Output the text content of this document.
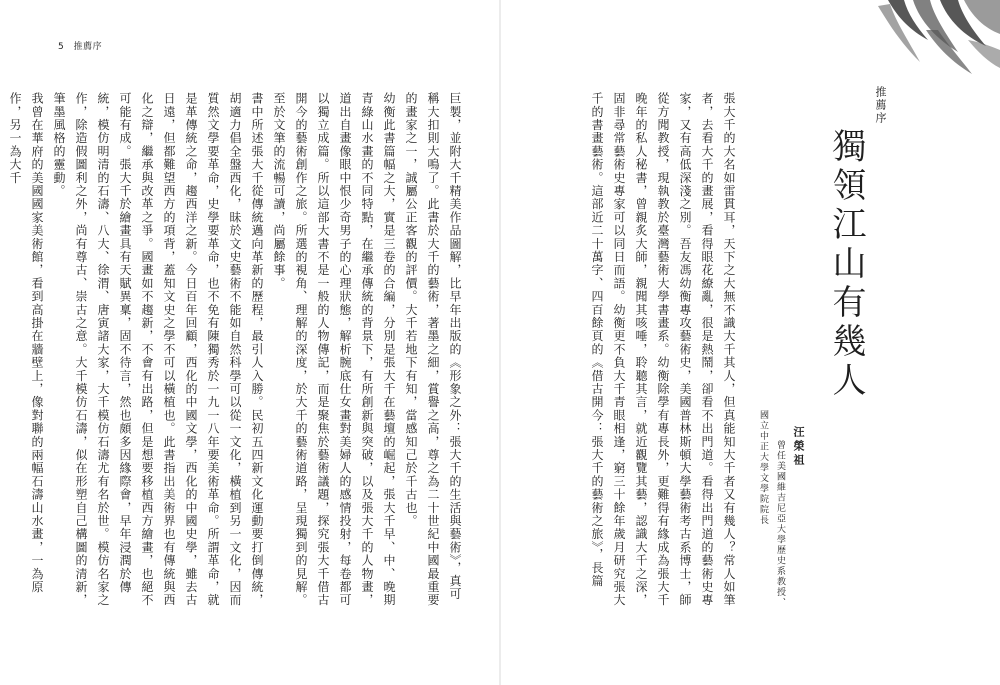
5 推薦序

巨製，並附大千精美作品圖解，比早年出版的《形象之外：張大千的生活與藝術》，真可稱大扣則大鳴了。此書於大千的藝術，著墨之細，賞譽之高，尊之為二十世紀中國最重要的畫家之一，誠屬公正客觀的評價。大千若地下有知，當感知己於千古也。

幼衡此書篇幅之大，實是三卷的合編，分別是張大千在藝壇的崛起，張大千早、中、晚期青綠山水畫的不同特點，在繼承傳統的背景下，有所創新與突破，以及張大千的人物畫，道出自畫像眼中恨少奇男子的心理狀態，解析腕底仕女畫對美婦人的感情投射，每卷都可以獨立成篇。所以這部大書不是一般的人物傳記，而是聚焦於藝術議題，探究張大千借古開今的藝術創作之旅。所選的視角、理解的深度，於大千的藝術道路，呈現獨到的見解。至於文筆的流暢可讀，尚屬餘事。

書中所述張大千從傳統邁向革新的歷程，最引人入勝。民初五四新文化運動要打倒傳統，胡適力倡全盤西化，昧於文史藝術不能如自然科學可以從一文化，橫植到另一文化，因而質然文學要革命，史學要革命，也不免有陳獨秀於一九一八年要美術革命。所謂革命，就是革傳統之命，趨西洋之新。今日百年回顧，西化的中國文學，西化的中國史學，雖去古日遠，但都難望西方的項背，蓋知文史之學不可以橫植也。此書指出美術界也有傳統與西化之辯，繼承與改革之爭。國畫如不趨新，不會有出路，但是想要移植西方繪畫，也絕不可能有成。張大千於繪畫具有天賦異稟，固不待言，然也頗多因緣際會，早年浸潤於傳統，模仿明清的石濤、八大、徐渭、唐寅諸大家，大千模仿石濤尤有名於世。模仿名家之作，除造假圖利之外，尚有尊古、崇古之意。大千模仿石濤，似在形塑自己構圖的清新，筆墨風格的靈動。

我曾在華府的美國國家美術館，看到高掛在牆壁上，像對聯的兩幅石濤山水畫，一為原作，另一為大千	推薦序
獨領江山有幾人
汪榮祖
曾任美國維吉尼亞大學歷史系教授、
國立中正大學文學院院長

張大千的大名如雷貫耳，天下之大無不識大千其人，但真能知大千者又有幾人？常人如筆者，去看大千的畫展，看得眼花繚亂，很是熱鬧，卻看不出門道。看得出門道的藝術史專家，又有高低深淺之別。吾友馮幼衡專攻藝術史，美國普林斯頓大學藝術考古系博士，師從方聞教授，現執教於臺灣藝術大學書畫系。幼衡除學有專長外，更難得有緣成為張大千晚年的私人秘書，曾親炙大師，親聞其咳唾，聆聽其言，就近觀覽其藝，認識大千之深，固非尋常藝術史專家可以同日而語。幼衡更不負大千青眼相逢，窮三十餘年歲月研究張大千的書畫藝術。這部近二十萬字、四百餘頁的《借古開今：張大千的藝術之旅》，長篇
